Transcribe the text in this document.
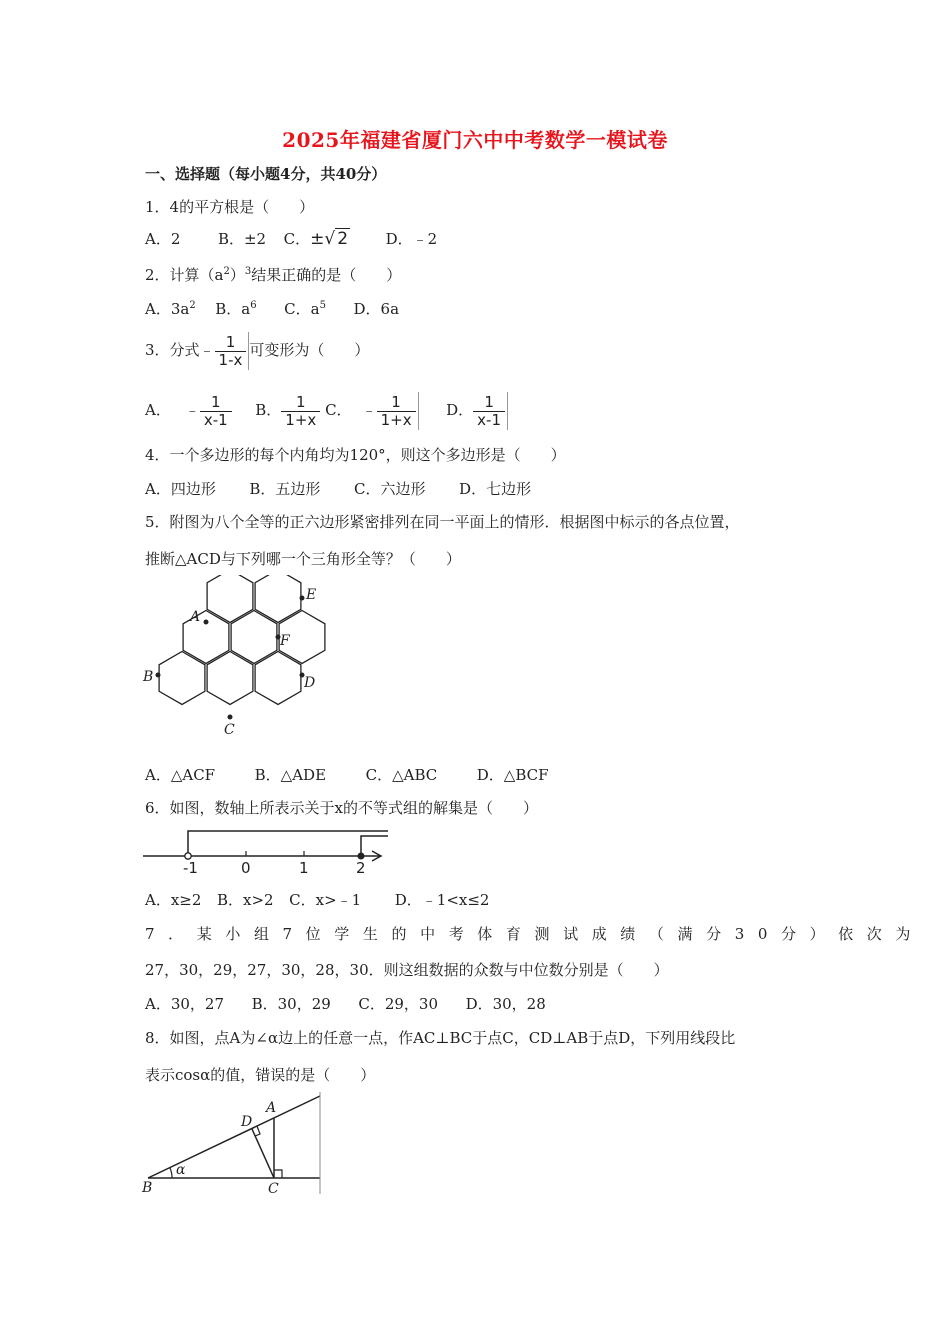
2025年福建省厦门六中中考数学一模试卷
一、选择题（每小题4分，共40分）
1．4的平方根是（　　）
A．2	B．±2 C．±√ 2	D．﹣2
2．计算$(a^2)^3$结果正确的是（　　）
A．$3a^2$ B．$a^6$ C．$a^5$ D．6a
3．分式﹣ $\frac{1}{1-x}$ 可变形为（　　）
A． ﹣ $\frac{1}{x-1}$ B． $\frac{1}{1+x}$ C． ﹣ $\frac{1}{1+x}$ D． $\frac{1}{x-1}$
4．一个多边形的每个内角均为120°，则这个多边形是（　　）
A．四边形 B．五边形 C．六边形 D．七边形
5．附图为八个全等的正六边形紧密排列在同一平面上的情形．根据图中标示的各点位置，
推断△ACD与下列哪一个三角形全等？（　　）
A
E
F
B	D
C
A．△ACF	B．△ADE	C．△ABC	D．△BCF
6．如图，数轴上所表示关于x的不等式组的解集是（　　）
-1	0	1	2
A．x≥2 B．x>2 C．x>﹣1 D．﹣1<x≤2
7．某小组7位学生的中考体育测试成绩（满分30分）依次为
27，30，29，27，30，28，30．则这组数据的众数与中位数分别是（　　）
A．30，27 B．30，29 C．29，30 D．30，28
8．如图，点A为∠α边上的任意一点，作AC⊥BC于点C，CD⊥AB于点D，下列用线段比
表示cosα的值，错误的是（　　）
B	C
D
A
α
